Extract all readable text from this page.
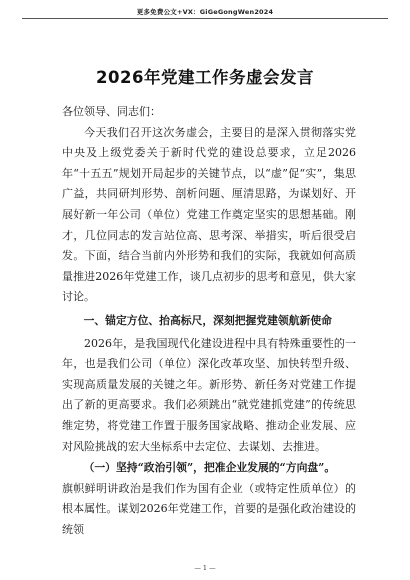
更多免费公文+VX：GiGeGongWen2024
2026年党建工作务虚会发言

各位领导、同志们：

今天我们召开这次务虚会，主要目的是深入贯彻落实党中央及上级党委关于新时代党的建设总要求，立足2026年“十五五”规划开局起步的关键节点，以“虚”促“实”，集思广益，共同研判形势、剖析问题、厘清思路，为谋划好、开展好新一年公司（单位）党建工作奠定坚实的思想基础。刚才，几位同志的发言站位高、思考深、举措实，听后很受启发。下面，结合当前内外形势和我们的实际，我就如何高质量推进2026年党建工作，谈几点初步的思考和意见，供大家讨论。

一、锚定方位、抬高标尺，深刻把握党建领航新使命

2026年，是我国现代化建设进程中具有特殊重要性的一年，也是我们公司（单位）深化改革攻坚、加快转型升级、实现高质量发展的关键之年。新形势、新任务对党建工作提出了新的更高要求。我们必须跳出“就党建抓党建”的传统思维定势，将党建工作置于服务国家战略、推动企业发展、应对风险挑战的宏大坐标系中去定位、去谋划、去推进。

（一）坚持“政治引领”，把准企业发展的“方向盘”。

旗帜鲜明讲政治是我们作为国有企业（或特定性质单位）的根本属性。谋划2026年党建工作，首要的是强化政治建设的统领

— 1 —
